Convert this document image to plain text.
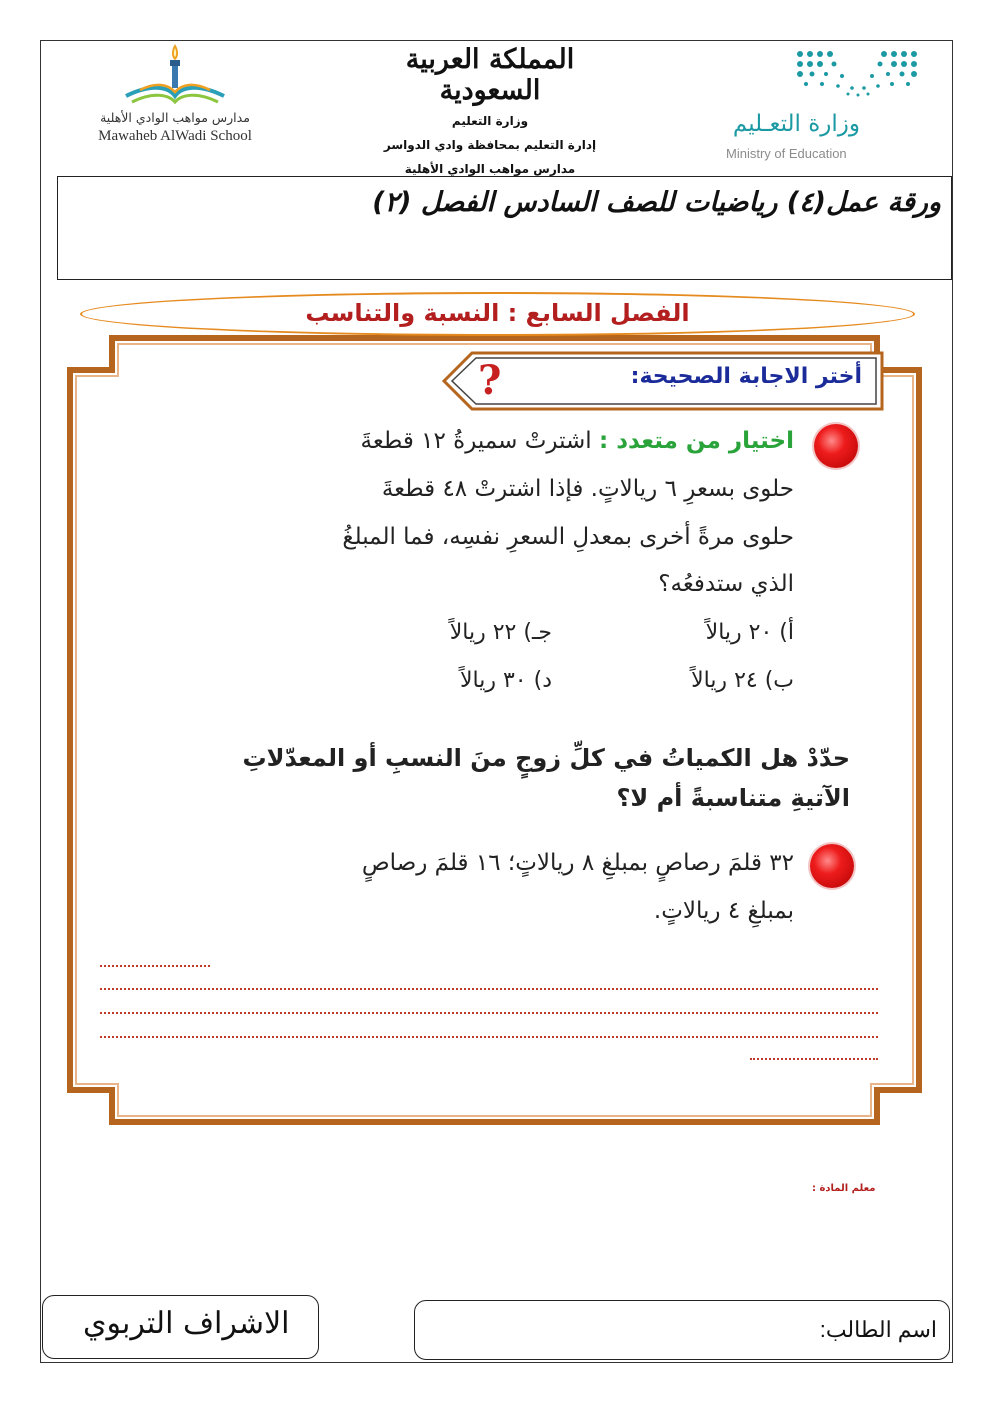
وزارة التعـليم
Ministry of Education
المملكة العربية السعودية
وزارة التعليم
إدارة التعليم بمحافظة وادي الدواسر
مدارس مواهب الوادي الأهلية
مدارس مواهب الوادي الأهلية
Mawaheb AlWadi School
ورقة عمل(٤) رياضيات للصف السادس الفصل (٢)
الفصل السابع : النسبة والتناسب
?	أختر الاجابة الصحيحة:
اختيار من متعدد : اشترتْ سميرةُ ١٢ قطعةَ
حلوى بسعرِ ٦ ريالاتٍ. فإذا اشترتْ ٤٨ قطعةَ
حلوى مرةً أخرى بمعدلِ السعرِ نفسِه، فما المبلغُ
الذي ستدفعُه؟
أ) ٢٠ ريالاً
جـ) ٢٢ ريالاً
ب) ٢٤ ريالاً
د) ٣٠ ريالاً
حدّدْ هل الكمياتُ في كلِّ زوجٍ منَ النسبِ أو المعدّلاتِ
الآتيةِ متناسبةً أم لا؟
٣٢ قلمَ رصاصٍ بمبلغِ ٨ ريالاتٍ؛ ١٦ قلمَ رصاصٍ
بمبلغِ ٤ ريالاتٍ.
معلم المادة :
الاشراف التربوي	اسم الطالب:
